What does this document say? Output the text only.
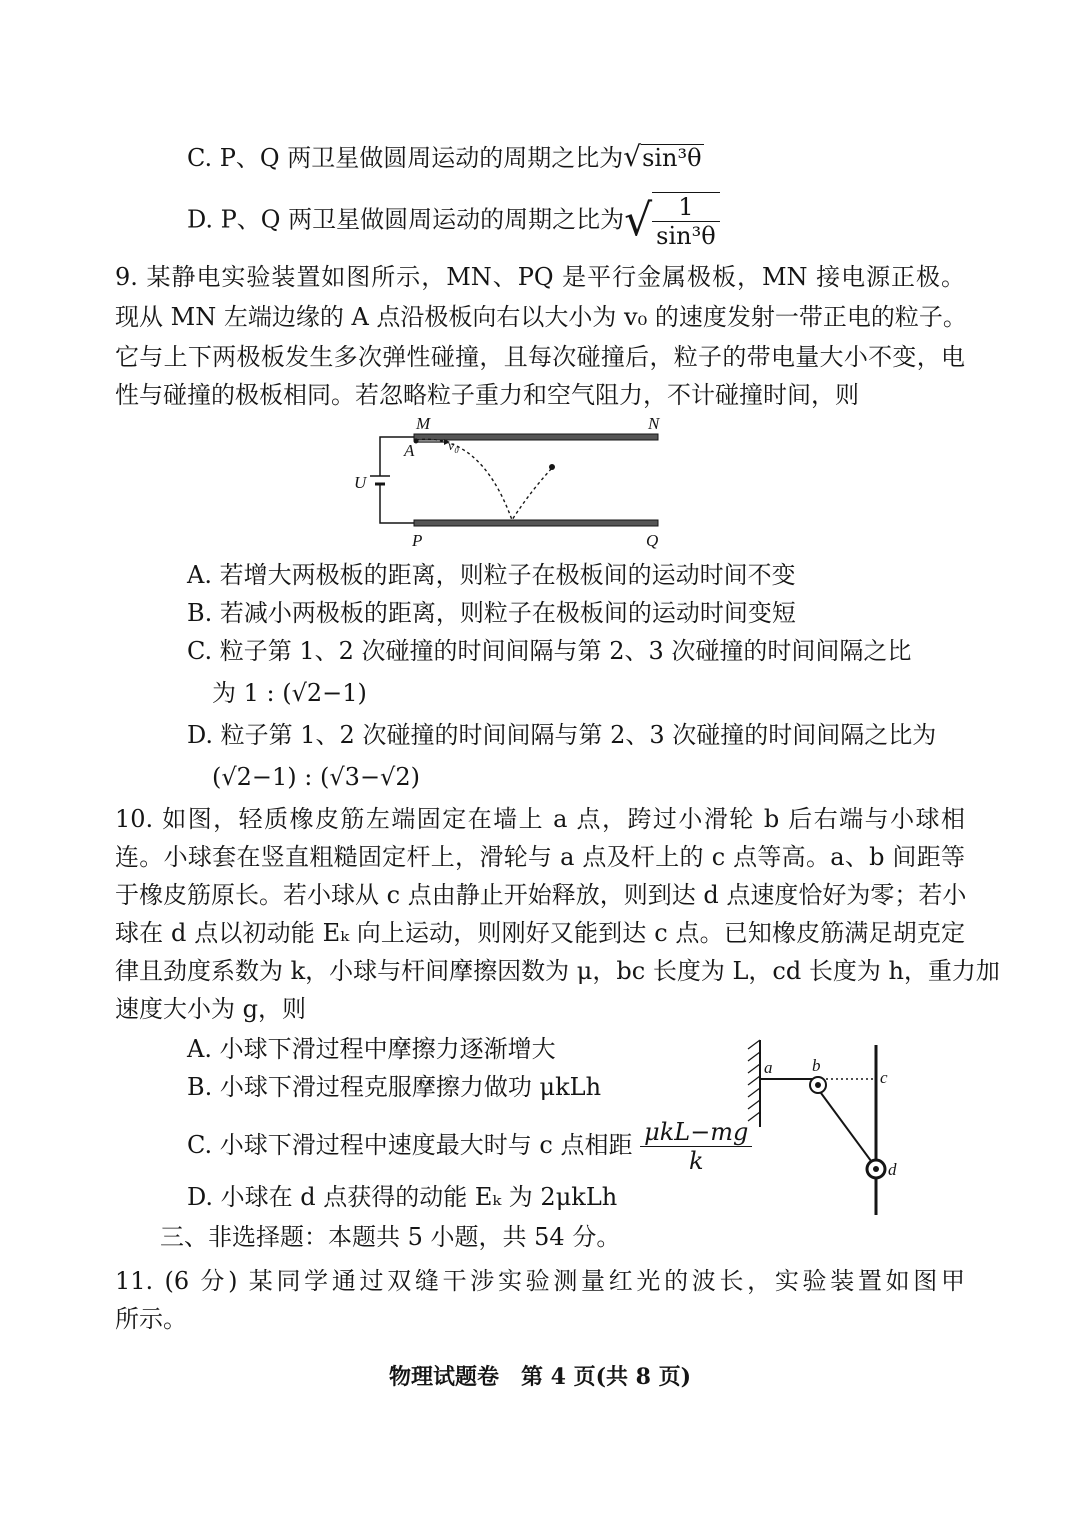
C. P、Q 两卫星做圆周运动的周期之比为√sin³θ
D. P、Q 两卫星做圆周运动的周期之比为√ $\frac{1}{\text{sin³θ}}$
9. 某静电实验装置如图所示，MN、PQ 是平行金属极板，MN 接电源正极。
现从 MN 左端边缘的 A 点沿极板向右以大小为 v₀ 的速度发射一带正电的粒子。
它与上下两极板发生多次弹性碰撞，且每次碰撞后，粒子的带电量大小不变，电
性与碰撞的极板相同。若忽略粒子重力和空气阻力，不计碰撞时间，则
M	N
A v₀
U
P	Q
A. 若增大两极板的距离，则粒子在极板间的运动时间不变
B. 若减小两极板的距离，则粒子在极板间的运动时间变短
C. 粒子第 1、2 次碰撞的时间间隔与第 2、3 次碰撞的时间间隔之比
为 1 : (√2−1)
D. 粒子第 1、2 次碰撞的时间间隔与第 2、3 次碰撞的时间间隔之比为
(√2−1) : (√3−√2)
10. 如图，轻质橡皮筋左端固定在墙上 a 点，跨过小滑轮 b 后右端与小球相
连。小球套在竖直粗糙固定杆上，滑轮与 a 点及杆上的 c 点等高。a、b 间距等
于橡皮筋原长。若小球从 c 点由静止开始释放，则到达 d 点速度恰好为零；若小
球在 d 点以初动能 Eₖ 向上运动，则刚好又能到达 c 点。已知橡皮筋满足胡克定
律且劲度系数为 k，小球与杆间摩擦因数为 μ，bc 长度为 L，cd 长度为 h，重力加
速度大小为 g，则
A. 小球下滑过程中摩擦力逐渐增大
B. 小球下滑过程克服摩擦力做功 μkLh
C. 小球下滑过程中速度最大时与 c 点相距 $\frac{\text{μkL−mg}}{k}$
D. 小球在 d 点获得的动能 Eₖ 为 2μkLh
a b
c
d
三、非选择题：本题共 5 小题，共 54 分。
11. (6 分) 某同学通过双缝干涉实验测量红光的波长，实验装置如图甲
所示。
物理试题卷　第 4 页(共 8 页)
